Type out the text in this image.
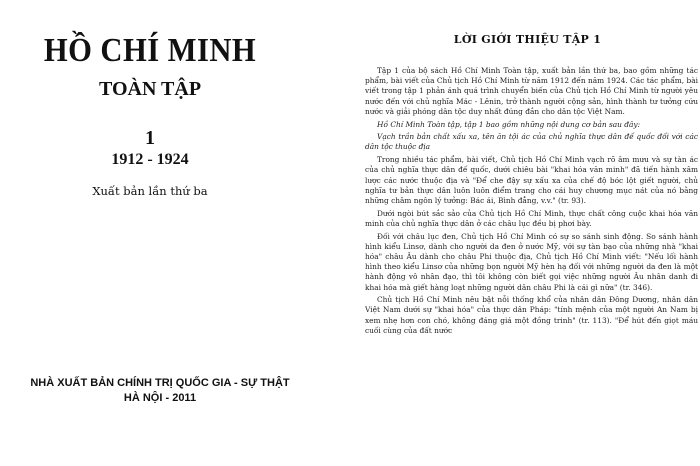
HỒ CHÍ MINH
TOÀN TẬP
1
1912 - 1924
Xuất bản lần thứ ba
NHÀ XUẤT BẢN CHÍNH TRỊ QUỐC GIA - SỰ THẬT
HÀ NỘI - 2011
LỜI GIỚI THIỆU TẬP 1

Tập 1 của bộ sách Hồ Chí Minh Toàn tập, xuất bản lần thứ ba, bao gồm những tác phẩm, bài viết của Chủ tịch Hồ Chí Minh từ năm 1912 đến năm 1924. Các tác phẩm, bài viết trong tập 1 phản ánh quá trình chuyển biến của Chủ tịch Hồ Chí Minh từ người yêu nước đến với chủ nghĩa Mác - Lênin, trở thành người cộng sản, hình thành tư tưởng cứu nước và giải phóng dân tộc duy nhất đúng đắn cho dân tộc Việt Nam.

Hồ Chí Minh Toàn tập, tập 1 bao gồm những nội dung cơ bản sau đây:

Vạch trần bản chất xấu xa, tên ăn tội ác của chủ nghĩa thực dân đế quốc đối với các dân tộc thuộc địa

Trong nhiều tác phẩm, bài viết, Chủ tịch Hồ Chí Minh vạch rõ âm mưu và sự tàn ác của chủ nghĩa thực dân đế quốc, dưới chiêu bài "khai hóa văn minh" đã tiến hành xâm lược các nước thuộc địa và "Để che đậy sự xấu xa của chế độ bóc lột giết người, chủ nghĩa tư bản thực dân luôn luôn điểm trang cho cái huy chương mục nát của nó bằng những châm ngôn lý tưởng: Bác ái, Bình đẳng, v.v." (tr. 93).

Dưới ngòi bút sắc sảo của Chủ tịch Hồ Chí Minh, thực chất công cuộc khai hóa văn minh của chủ nghĩa thực dân ở các châu lục đều bị phơi bày.

Đối với châu lục đen, Chủ tịch Hồ Chí Minh có sự so sánh sinh động. So sánh hành hình kiểu Linsơ, dành cho người da đen ở nước Mỹ, với sự tàn bạo của những nhà "khai hóa" châu Âu dành cho châu Phi thuộc địa, Chủ tịch Hồ Chí Minh viết: "Nếu lối hành hình theo kiểu Linsơ của những bọn người Mỹ hèn hạ đối với những người da đen là một hành động vô nhân đạo, thì tôi không còn biết gọi việc những người Âu nhân danh đi khai hóa mà giết hàng loạt những người dân châu Phi là cái gì nữa" (tr. 346).

Chủ tịch Hồ Chí Minh nêu bật nỗi thống khổ của nhân dân Đông Dương, nhân dân Việt Nam dưới sự "khai hóa" của thực dân Pháp: "tính mệnh của một người An Nam bị xem nhẹ hơn con chó, không đáng giá một đồng trinh" (tr. 113). "Để hút đến giọt máu cuối cùng của đất nước
